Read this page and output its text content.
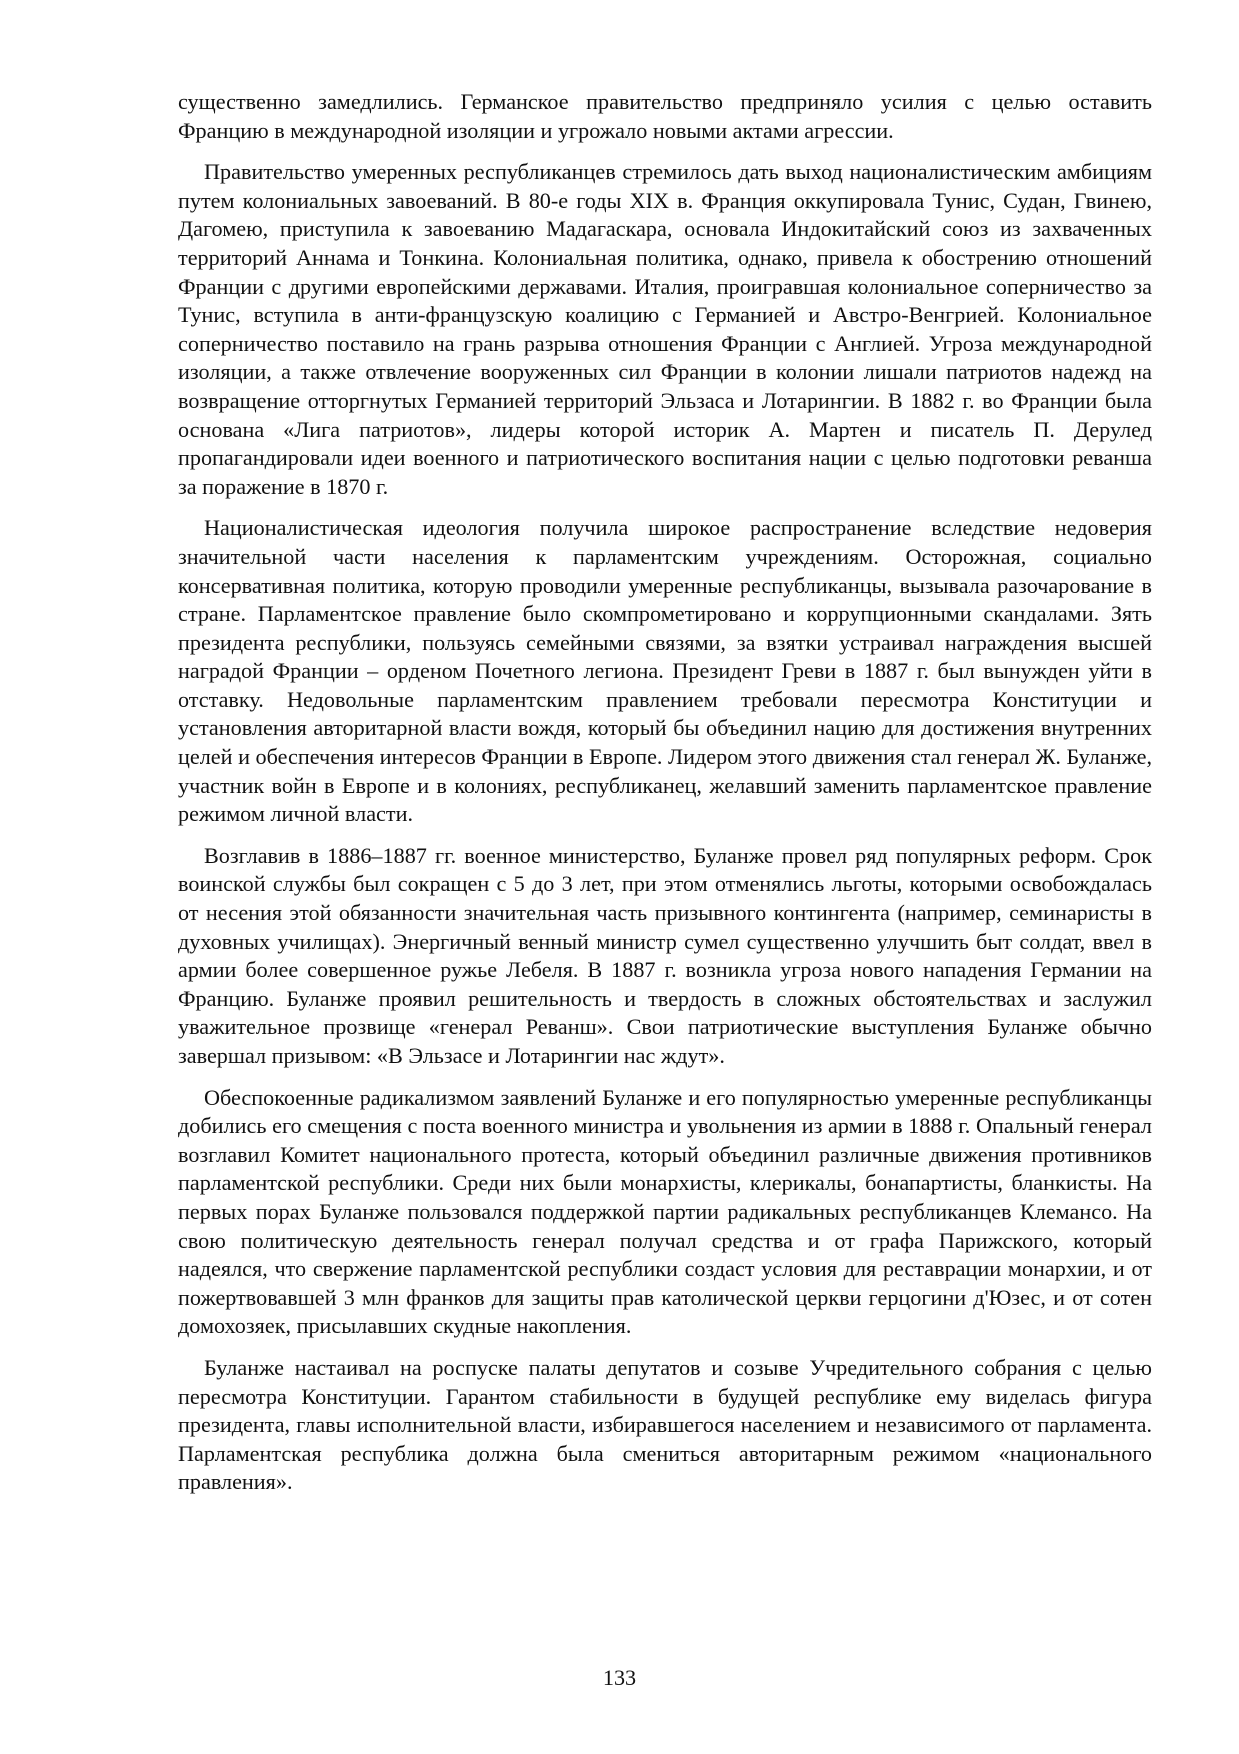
существенно замедлились. Германское правительство предприняло усилия с целью оставить Францию в международной изоляции и угрожало новыми актами агрессии.

Правительство умеренных республиканцев стремилось дать выход националистическим амбициям путем колониальных завоеваний. В 80-е годы XIX в. Франция оккупировала Тунис, Судан, Гвинею, Дагомею, приступила к завоеванию Мадагаскара, основала Индокитайский союз из захваченных территорий Аннама и Тонкина. Колониальная политика, однако, привела к обострению отношений Франции с другими европейскими державами. Италия, проигравшая колониальное соперничество за Тунис, вступила в анти-французскую коалицию с Германией и Австро-Венгрией. Колониальное соперничество поставило на грань разрыва отношения Франции с Англией. Угроза международной изоляции, а также отвлечение вооруженных сил Франции в колонии лишали патриотов надежд на возвращение отторгнутых Германией территорий Эльзаса и Лотарингии. В 1882 г. во Франции была основана «Лига патриотов», лидеры которой историк А. Мартен и писатель П. Дерулед пропагандировали идеи военного и патриотического воспитания нации с целью подготовки реванша за поражение в 1870 г.

Националистическая идеология получила широкое распространение вследствие недоверия значительной части населения к парламентским учреждениям. Осторожная, социально консервативная политика, которую проводили умеренные республиканцы, вызывала разочарование в стране. Парламентское правление было скомпрометировано и коррупционными скандалами. Зять президента республики, пользуясь семейными связями, за взятки устраивал награждения высшей наградой Франции – орденом Почетного легиона. Президент Греви в 1887 г. был вынужден уйти в отставку. Недовольные парламентским правлением требовали пересмотра Конституции и установления авторитарной власти вождя, который бы объединил нацию для достижения внутренних целей и обеспечения интересов Франции в Европе. Лидером этого движения стал генерал Ж. Буланже, участник войн в Европе и в колониях, республиканец, желавший заменить парламентское правление режимом личной власти.

Возглавив в 1886–1887 гг. военное министерство, Буланже провел ряд популярных реформ. Срок воинской службы был сокращен с 5 до 3 лет, при этом отменялись льготы, которыми освобождалась от несения этой обязанности значительная часть призывного контингента (например, семинаристы в духовных училищах). Энергичный венный министр сумел существенно улучшить быт солдат, ввел в армии более совершенное ружье Лебеля. В 1887 г. возникла угроза нового нападения Германии на Францию. Буланже проявил решительность и твердость в сложных обстоятельствах и заслужил уважительное прозвище «генерал Реванш». Свои патриотические выступления Буланже обычно завершал призывом: «В Эльзасе и Лотарингии нас ждут».

Обеспокоенные радикализмом заявлений Буланже и его популярностью умеренные республиканцы добились его смещения с поста военного министра и увольнения из армии в 1888 г. Опальный генерал возглавил Комитет национального протеста, который объединил различные движения противников парламентской республики. Среди них были монархисты, клерикалы, бонапартисты, бланкисты. На первых порах Буланже пользовался поддержкой партии радикальных республиканцев Клемансо. На свою политическую деятельность генерал получал средства и от графа Парижского, который надеялся, что свержение парламентской республики создаст условия для реставрации монархии, и от пожертвовавшей 3 млн франков для защиты прав католической церкви герцогини д'Юзес, и от сотен домохозяек, присылавших скудные накопления.

Буланже настаивал на роспуске палаты депутатов и созыве Учредительного собрания с целью пересмотра Конституции. Гарантом стабильности в будущей республике ему виделась фигура президента, главы исполнительной власти, избиравшегося населением и независимого от парламента. Парламентская республика должна была смениться авторитарным режимом «национального правления».

133
